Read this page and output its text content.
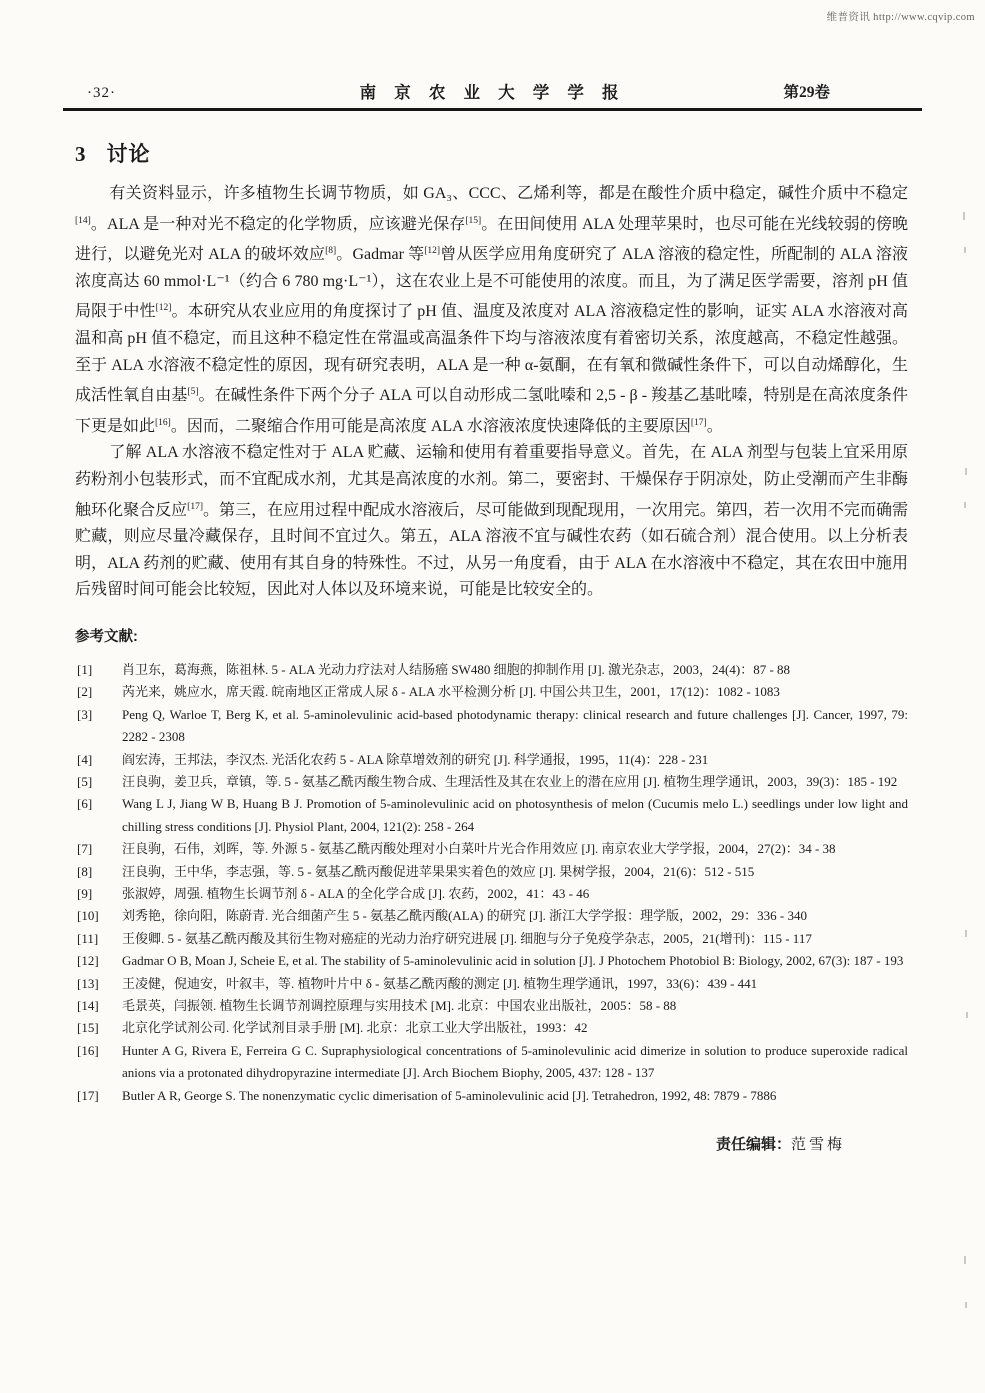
维普资讯 http://www.cqvip.com
·32·	南 京 农 业 大 学 学 报	第29卷
3 讨论

有关资料显示，许多植物生长调节物质，如 GA₃、CCC、乙烯利等，都是在酸性介质中稳定，碱性介质中不稳定[14]。ALA 是一种对光不稳定的化学物质，应该避光保存[15]。在田间使用 ALA 处理苹果时，也尽可能在光线较弱的傍晚进行，以避免光对 ALA 的破坏效应[8]。Gadmar 等[12]曾从医学应用角度研究了 ALA 溶液的稳定性，所配制的 ALA 溶液浓度高达 60 mmol·L⁻¹（约合 6 780 mg·L⁻¹），这在农业上是不可能使用的浓度。而且，为了满足医学需要，溶剂 pH 值局限于中性[12]。本研究从农业应用的角度探讨了 pH 值、温度及浓度对 ALA 溶液稳定性的影响，证实 ALA 水溶液对高温和高 pH 值不稳定，而且这种不稳定性在常温或高温条件下均与溶液浓度有着密切关系，浓度越高，不稳定性越强。至于 ALA 水溶液不稳定性的原因，现有研究表明，ALA 是一种 α-氨酮，在有氧和微碱性条件下，可以自动烯醇化，生成活性氧自由基[5]。在碱性条件下两个分子 ALA 可以自动形成二氢吡嗪和 2,5 - β - 羧基乙基吡嗪，特别是在高浓度条件下更是如此[16]。因而，二聚缩合作用可能是高浓度 ALA 水溶液浓度快速降低的主要原因[17]。

了解 ALA 水溶液不稳定性对于 ALA 贮藏、运输和使用有着重要指导意义。首先，在 ALA 剂型与包装上宜采用原药粉剂小包装形式，而不宜配成水剂，尤其是高浓度的水剂。第二，要密封、干燥保存于阴凉处，防止受潮而产生非酶触环化聚合反应[17]。第三，在应用过程中配成水溶液后，尽可能做到现配现用，一次用完。第四，若一次用不完而确需贮藏，则应尽量冷藏保存，且时间不宜过久。第五，ALA 溶液不宜与碱性农药（如石硫合剂）混合使用。以上分析表明，ALA 药剂的贮藏、使用有其自身的特殊性。不过，从另一角度看，由于 ALA 在水溶液中不稳定，其在农田中施用后残留时间可能会比较短，因此对人体以及环境来说，可能是比较安全的。

参考文献:
[1] 肖卫东，葛海燕，陈祖林. 5 - ALA 光动力疗法对人结肠癌 SW480 细胞的抑制作用 [J]. 激光杂志，2003，24(4)：87 - 88
[2] 芮光来，姚应水，席天霞. 皖南地区正常成人尿 δ - ALA 水平检测分析 [J]. 中国公共卫生，2001，17(12)：1082 - 1083
[3] Peng Q, Warloe T, Berg K, et al. 5-aminolevulinic acid-based photodynamic therapy: clinical research and future challenges [J]. Cancer, 1997, 79: 2282 - 2308
[4] 阎宏涛，王邦法，李汉杰. 光活化农药 5 - ALA 除草增效剂的研究 [J]. 科学通报，1995，11(4)：228 - 231
[5] 汪良驹，姜卫兵，章镇，等. 5 - 氨基乙酰丙酸生物合成、生理活性及其在农业上的潜在应用 [J]. 植物生理学通讯，2003，39(3)：185 - 192
[6] Wang L J, Jiang W B, Huang B J. Promotion of 5-aminolevulinic acid on photosynthesis of melon (Cucumis melo L.) seedlings under low light and chilling stress conditions [J]. Physiol Plant, 2004, 121(2): 258 - 264
[7] 汪良驹，石伟，刘晖，等. 外源 5 - 氨基乙酰丙酸处理对小白菜叶片光合作用效应 [J]. 南京农业大学学报，2004，27(2)：34 - 38
[8] 汪良驹，王中华，李志强，等. 5 - 氨基乙酰丙酸促进苹果果实着色的效应 [J]. 果树学报，2004，21(6)：512 - 515
[9] 张淑婷，周强. 植物生长调节剂 δ - ALA 的全化学合成 [J]. 农药，2002，41：43 - 46
[10] 刘秀艳，徐向阳，陈蔚青. 光合细菌产生 5 - 氨基乙酰丙酸(ALA) 的研究 [J]. 浙江大学学报：理学版，2002，29：336 - 340
[11] 王俊卿. 5 - 氨基乙酰丙酸及其衍生物对癌症的光动力治疗研究进展 [J]. 细胞与分子免疫学杂志，2005，21(增刊)：115 - 117
[12] Gadmar O B, Moan J, Scheie E, et al. The stability of 5-aminolevulinic acid in solution [J]. J Photochem Photobiol B: Biology, 2002, 67(3): 187 - 193
[13] 王凌健，倪迪安，叶叙丰，等. 植物叶片中 δ - 氨基乙酰丙酸的测定 [J]. 植物生理学通讯，1997，33(6)：439 - 441
[14] 毛景英，闫振领. 植物生长调节剂调控原理与实用技术 [M]. 北京：中国农业出版社，2005：58 - 88
[15] 北京化学试剂公司. 化学试剂目录手册 [M]. 北京：北京工业大学出版社，1993：42
[16] Hunter A G, Rivera E, Ferreira G C. Supraphysiological concentrations of 5-aminolevulinic acid dimerize in solution to produce superoxide radical anions via a protonated dihydropyrazine intermediate [J]. Arch Biochem Biophy, 2005, 437: 128 - 137
[17] Butler A R, George S. The nonenzymatic cyclic dimerisation of 5-aminolevulinic acid [J]. Tetrahedron, 1992, 48: 7879 - 7886
责任编辑：范雪梅
